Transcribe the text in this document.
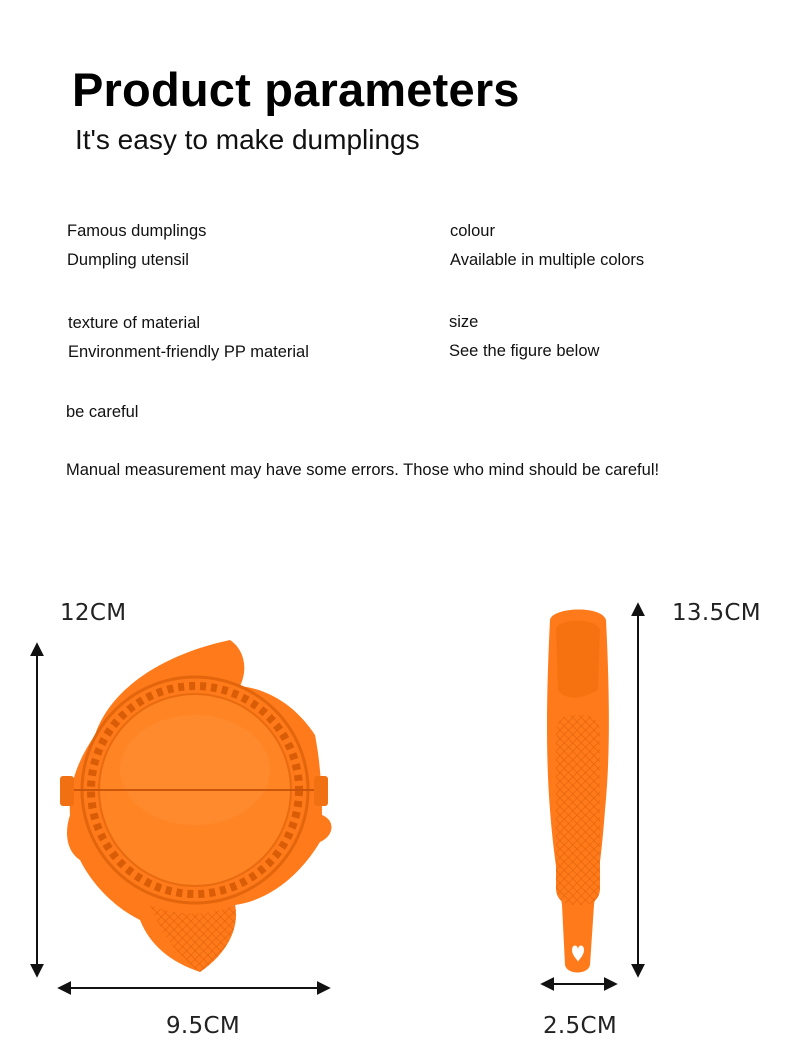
Product parameters
It's easy to make dumplings
Famous dumplings
Dumpling utensil
colour
Available in multiple colors
texture of material
Environment-friendly PP material
size
See the figure below
be careful
Manual measurement may have some errors. Those who mind should be careful!
12CM
9.5CM
13.5CM
2.5CM
